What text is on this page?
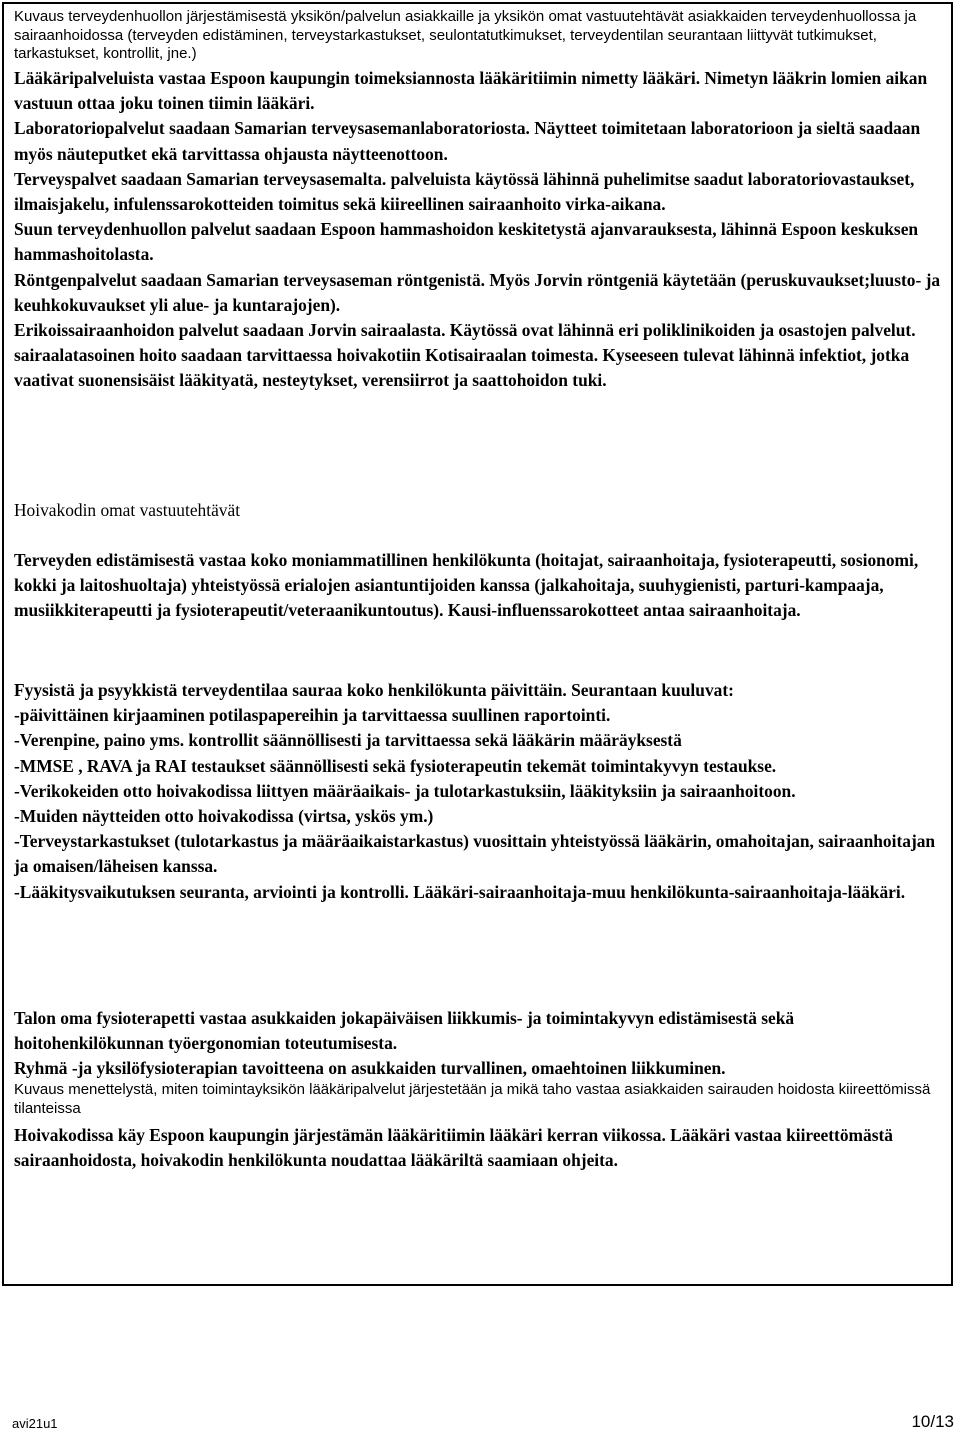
Kuvaus terveydenhuollon järjestämisestä yksikön/palvelun asiakkaille ja yksikön omat vastuutehtävät asiakkaiden terveydenhuollossa ja sairaanhoidossa (terveyden edistäminen, terveystarkastukset, seulontatutkimukset, terveydentilan seurantaan liittyvät tutkimukset, tarkastukset, kontrollit, jne.)

Lääkäripalveluista vastaa Espoon kaupungin toimeksiannosta lääkäritiimin nimetty lääkäri. Nimetyn lääkrin lomien aikan vastuun ottaa joku toinen tiimin lääkäri.

Laboratoriopalvelut saadaan Samarian terveysasemanlaboratoriosta. Näytteet toimitetaan laboratorioon ja sieltä saadaan myös näuteputket ekä tarvittassa ohjausta näytteenottoon.

Terveyspalvet saadaan Samarian terveysasemalta. palveluista käytössä lähinnä puhelimitse saadut laboratoriovastaukset, ilmaisjakelu, infulenssarokotteiden toimitus sekä kiireellinen sairaanhoito virka-aikana.

Suun terveydenhuollon palvelut saadaan Espoon hammashoidon keskitetystä ajanvarauksesta, lähinnä Espoon keskuksen hammashoitolasta.

Röntgenpalvelut saadaan Samarian terveysaseman röntgenistä. Myös Jorvin röntgeniä käytetään (peruskuvaukset;luusto- ja keuhkokuvaukset yli alue- ja kuntarajojen).

Erikoissairaanhoidon palvelut saadaan Jorvin sairaalasta. Käytössä ovat lähinnä eri poliklinikoiden ja osastojen palvelut.

sairaalatasoinen hoito saadaan tarvittaessa hoivakotiin Kotisairaalan toimesta. Kyseeseen tulevat lähinnä infektiot, jotka vaativat suonensisäist lääkityatä, nesteytykset, verensiirrot ja saattohoidon tuki.

Hoivakodin omat vastuutehtävät

Terveyden edistämisestä vastaa koko moniammatillinen henkilökunta (hoitajat, sairaanhoitaja, fysioterapeutti, sosionomi, kokki ja laitoshuoltaja) yhteistyössä erialojen asiantuntijoiden kanssa (jalkahoitaja, suuhygienisti, parturi-kampaaja, musiikkiterapeutti ja fysioterapeutit/veteraanikuntoutus). Kausi-influenssarokotteet antaa sairaanhoitaja.

Fyysistä ja psyykkistä terveydentilaa sauraa koko henkilökunta päivittäin. Seurantaan kuuluvat:

-päivittäinen kirjaaminen potilaspapereihin ja tarvittaessa suullinen raportointi.

-Verenpine, paino yms. kontrollit säännöllisesti ja tarvittaessa sekä lääkärin määräyksestä

-MMSE , RAVA ja RAI testaukset säännöllisesti sekä fysioterapeutin tekemät toimintakyvyn testaukse.

-Verikokeiden otto hoivakodissa liittyen määräaikais- ja tulotarkastuksiin, lääkityksiin ja sairaanhoitoon.

-Muiden näytteiden otto hoivakodissa (virtsa, yskös ym.)

-Terveystarkastukset (tulotarkastus ja määräaikaistarkastus) vuosittain yhteistyössä lääkärin, omahoitajan, sairaanhoitajan ja omaisen/läheisen kanssa.

-Lääkitysvaikutuksen seuranta, arviointi ja kontrolli. Lääkäri-sairaanhoitaja-muu henkilökunta-sairaanhoitaja-lääkäri.

Talon oma fysioterapetti vastaa asukkaiden jokapäiväisen liikkumis- ja toimintakyvyn edistämisestä sekä hoitohenkilökunnan työergonomian toteutumisesta.

Ryhmä -ja yksilöfysioterapian tavoitteena on asukkaiden turvallinen, omaehtoinen liikkuminen.

Kuvaus menettelystä, miten toimintayksikön lääkäripalvelut järjestetään ja mikä taho vastaa asiakkaiden sairauden hoidosta kiireettömissä tilanteissa

Hoivakodissa käy Espoon kaupungin järjestämän lääkäritiimin lääkäri kerran viikossa. Lääkäri vastaa kiireettömästä sairaanhoidosta, hoivakodin henkilökunta noudattaa lääkäriltä saamiaan ohjeita.

avi21u1	10/13
